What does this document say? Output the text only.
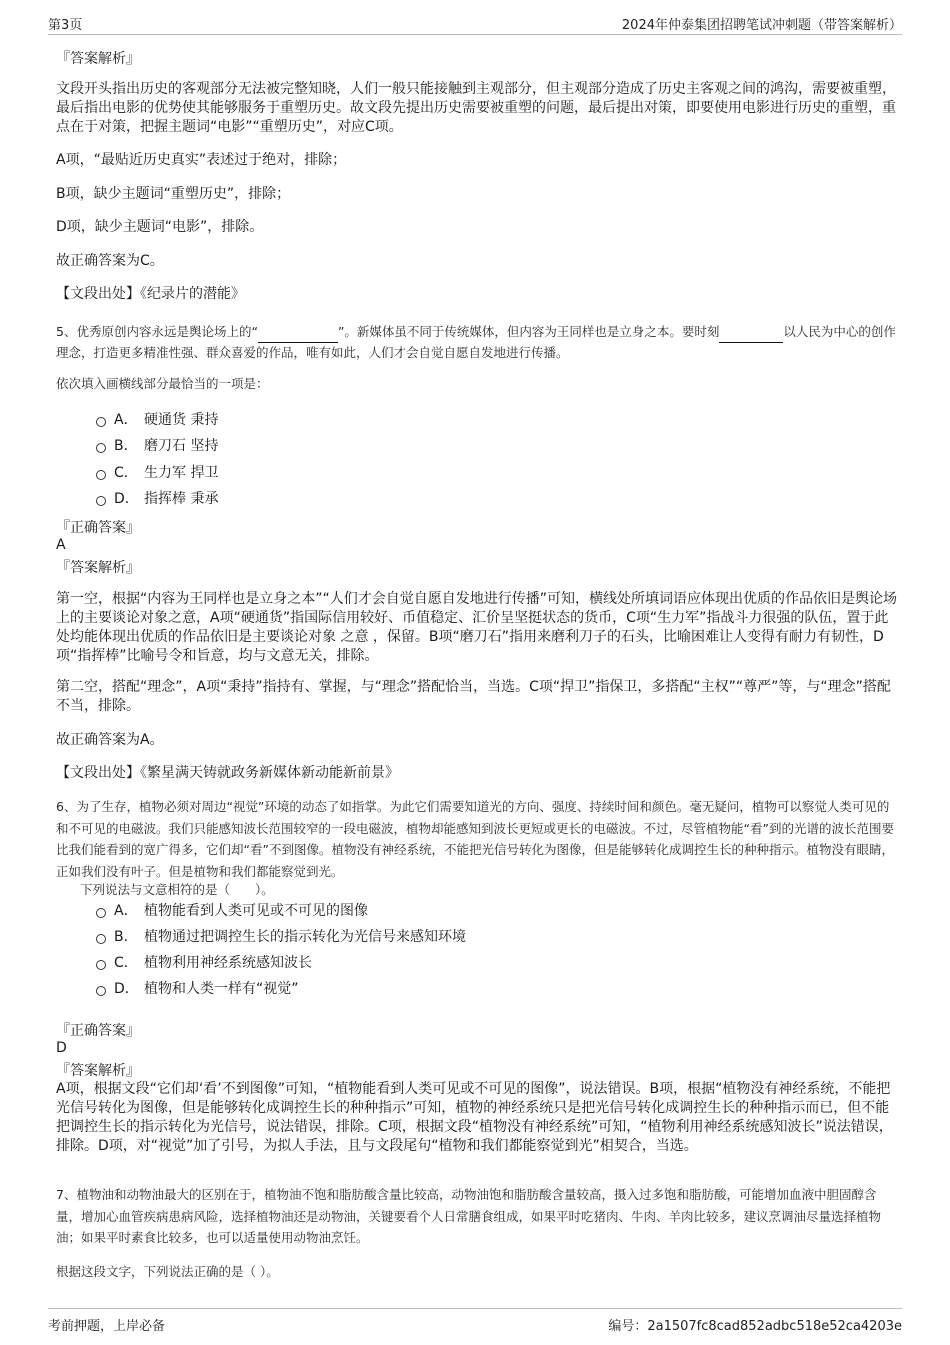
第3页	2024年仲泰集团招聘笔试冲刺题（带答案解析）
『答案解析』
文段开头指出历史的客观部分无法被完整知晓，人们一般只能接触到主观部分，但主观部分造成了历史主客观之间的鸿沟，需要被重塑，最后指出电影的优势使其能够服务于重塑历史。故文段先提出历史需要被重塑的问题，最后提出对策，即要使用电影进行历史的重塑，重点在于对策，把握主题词“电影”“重塑历史”，对应C项。
A项，“最贴近历史真实”表述过于绝对，排除；
B项，缺少主题词“重塑历史”，排除；
D项，缺少主题词“电影”，排除。
故正确答案为C。
【文段出处】《纪录片的潜能》
5、优秀原创内容永远是舆论场上的“	”。新媒体虽不同于传统媒体，但内容为王同样也是立身之本。要时刻	以人民为中心的创作理念，打造更多精准性强、群众喜爱的作品，唯有如此，人们才会自觉自愿自发地进行传播。
依次填入画横线部分最恰当的一项是：
A． 硬通货 秉持
B． 磨刀石 坚持
C． 生力军 捍卫
D． 指挥棒 秉承
『正确答案』
A
『答案解析』
第一空，根据“内容为王同样也是立身之本”“人们才会自觉自愿自发地进行传播”可知，横线处所填词语应体现出优质的作品依旧是舆论场上的主要谈论对象之意，A项“硬通货”指国际信用较好、币值稳定、汇价呈坚挺状态的货币，C项“生力军”指战斗力很强的队伍，置于此处均能体现出优质的作品依旧是主要谈论对象 之意 ，保留。B项“磨刀石”指用来磨利刀子的石头，比喻困难让人变得有耐力有韧性，D项“指挥棒”比喻号令和旨意，均与文意无关，排除。
第二空，搭配“理念”，A项“秉持”指持有、掌握，与“理念”搭配恰当，当选。C项“捍卫”指保卫，多搭配“主权”“尊严”等，与“理念”搭配不当，排除。
故正确答案为A。
【文段出处】《繁星满天铸就政务新媒体新动能新前景》
6、为了生存，植物必须对周边“视觉”环境的动态了如指掌。为此它们需要知道光的方向、强度、持续时间和颜色。毫无疑问，植物可以察觉人类可见的和不可见的电磁波。我们只能感知波长范围较窄的一段电磁波，植物却能感知到波长更短或更长的电磁波。不过，尽管植物能“看”到的光谱的波长范围要比我们能看到的宽广得多，它们却“看”不到图像。植物没有神经系统，不能把光信号转化为图像，但是能够转化成调控生长的种种指示。植物没有眼睛，正如我们没有叶子。但是植物和我们都能察觉到光。
下列说法与文意相符的是（　　）。
A． 植物能看到人类可见或不可见的图像
B． 植物通过把调控生长的指示转化为光信号来感知环境
C． 植物利用神经系统感知波长
D． 植物和人类一样有“视觉”
『正确答案』
D
『答案解析』
A项，根据文段“它们却‘看’不到图像”可知，“植物能看到人类可见或不可见的图像”，说法错误。B项，根据“植物没有神经系统，不能把光信号转化为图像，但是能够转化成调控生长的种种指示”可知，植物的神经系统只是把光信号转化成调控生长的种种指示而已，但不能把调控生长的指示转化为光信号，说法错误，排除。C项，根据文段“植物没有神经系统”可知，“植物利用神经系统感知波长”说法错误，排除。D项，对“视觉”加了引号，为拟人手法，且与文段尾句“植物和我们都能察觉到光”相契合，当选。
7、植物油和动物油最大的区别在于，植物油不饱和脂肪酸含量比较高，动物油饱和脂肪酸含量较高，摄入过多饱和脂肪酸，可能增加血液中胆固醇含量，增加心血管疾病患病风险，选择植物油还是动物油，关键要看个人日常膳食组成，如果平时吃猪肉、牛肉、羊肉比较多，建议烹调油尽量选择植物油；如果平时素食比较多，也可以适量使用动物油烹饪。
根据这段文字，下列说法正确的是（ ）。
考前押题，上岸必备	编号：2a1507fc8cad852adbc518e52ca4203e
